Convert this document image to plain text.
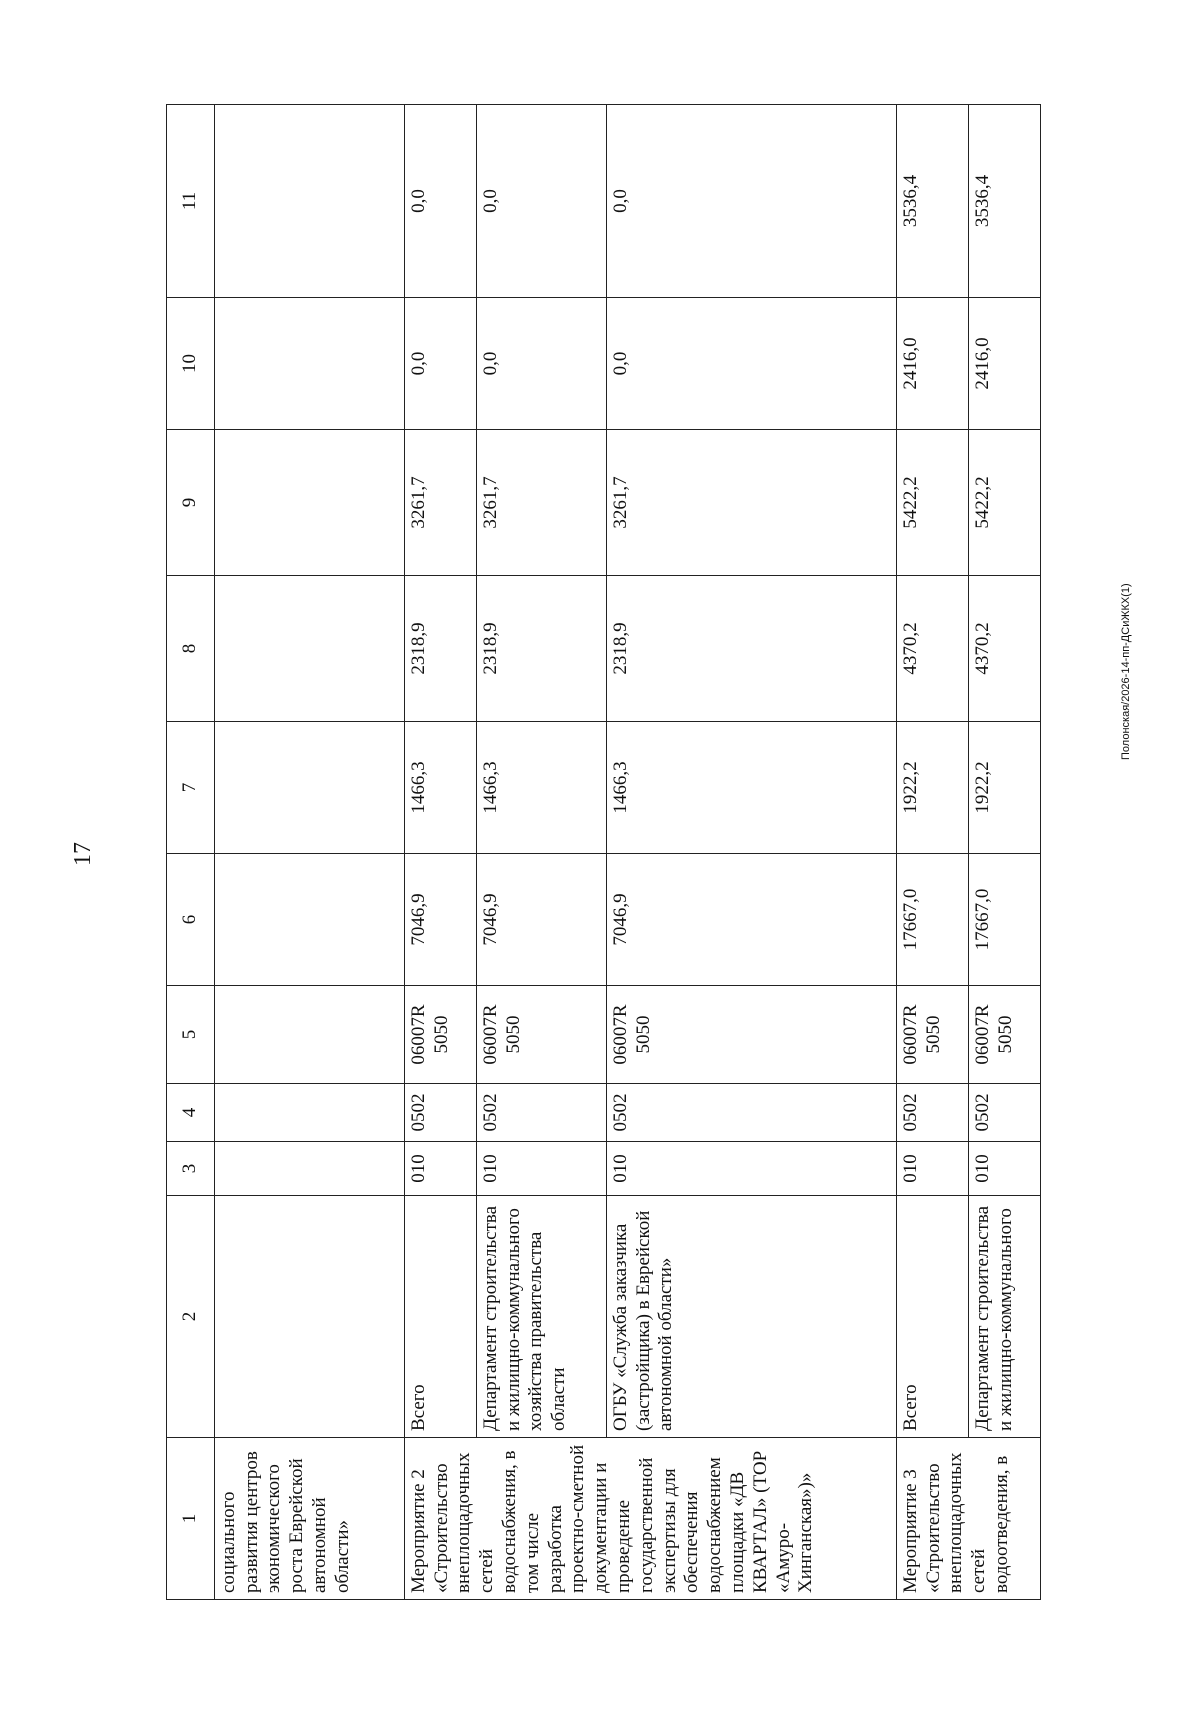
17
1	2	3	4	5	6	7	8	9	10	11
социального развития центров экономического роста Еврейской автономной области»										
Мероприятие 2 «Строительство внеплощадочных сетей водоснабжения, в том числе разработка проектно-сметной документации и проведение государственной экспертизы для обеспечения водоснабжением площадки «ДВ КВАРТАЛ» (ТОР «Амуро-Хинганская»)»	Всего	010	0502	06007R 5050	7046,9	1466,3	2318,9	3261,7	0,0	0,0
	Департамент строительства и жилищно-коммунального хозяйства правительства области	010	0502	06007R 5050	7046,9	1466,3	2318,9	3261,7	0,0	0,0
	ОГБУ «Служба заказчика (застройщика) в Еврейской автономной области»	010	0502	06007R 5050	7046,9	1466,3	2318,9	3261,7	0,0	0,0
Мероприятие 3 «Строительство внеплощадочных сетей водоотведения, в	Всего	010	0502	06007R 5050	17667,0	1922,2	4370,2	5422,2	2416,0	3536,4
	Департамент строительства и жилищно-коммунального	010	0502	06007R 5050	17667,0	1922,2	4370,2	5422,2	2416,0	3536,4
Полонская/2026-14-пп-ДСиЖКХ(1)
